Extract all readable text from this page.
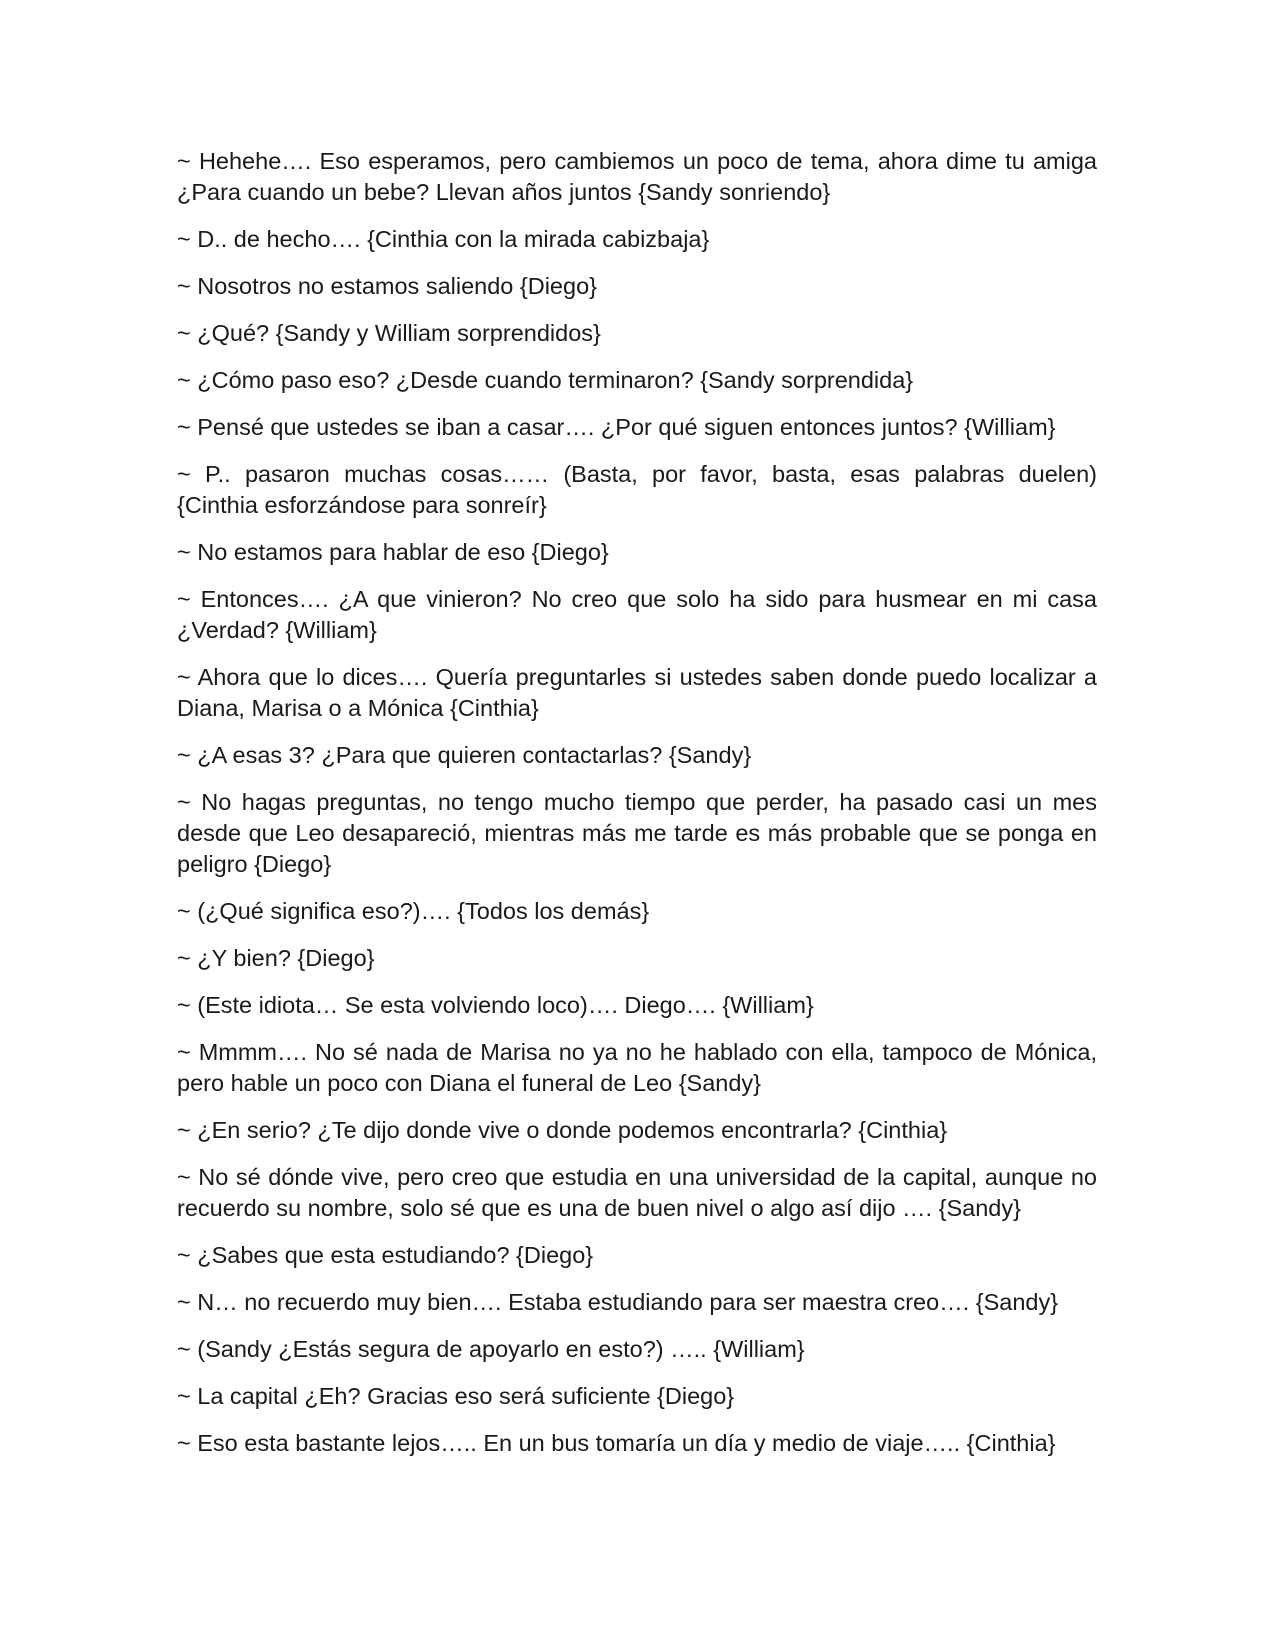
~ Hehehe…. Eso esperamos, pero cambiemos un poco de tema, ahora dime tu amiga ¿Para cuando un bebe? Llevan años juntos {Sandy sonriendo}

~ D.. de hecho…. {Cinthia con la mirada cabizbaja}

~ Nosotros no estamos saliendo {Diego}

~ ¿Qué? {Sandy y William sorprendidos}

~ ¿Cómo paso eso? ¿Desde cuando terminaron? {Sandy sorprendida}

~ Pensé que ustedes se iban a casar…. ¿Por qué siguen entonces juntos? {William}

~ P.. pasaron muchas cosas…… (Basta, por favor, basta, esas palabras duelen) {Cinthia esforzándose para sonreír}

~ No estamos para hablar de eso {Diego}

~ Entonces…. ¿A que vinieron? No creo que solo ha sido para husmear en mi casa ¿Verdad? {William}

~ Ahora que lo dices…. Quería preguntarles si ustedes saben donde puedo localizar a Diana, Marisa o a Mónica {Cinthia}

~ ¿A esas 3? ¿Para que quieren contactarlas? {Sandy}

~ No hagas preguntas, no tengo mucho tiempo que perder, ha pasado casi un mes desde que Leo desapareció, mientras más me tarde es más probable que se ponga en peligro {Diego}

~ (¿Qué significa eso?)…. {Todos los demás}

~ ¿Y bien? {Diego}

~ (Este idiota… Se esta volviendo loco)…. Diego…. {William}

~ Mmmm…. No sé nada de Marisa no ya no he hablado con ella, tampoco de Mónica, pero hable un poco con Diana el funeral de Leo {Sandy}

~ ¿En serio? ¿Te dijo donde vive o donde podemos encontrarla? {Cinthia}

~ No sé dónde vive, pero creo que estudia en una universidad de la capital, aunque no recuerdo su nombre, solo sé que es una de buen nivel o algo así dijo …. {Sandy}

~ ¿Sabes que esta estudiando? {Diego}

~ N… no recuerdo muy bien…. Estaba estudiando para ser maestra creo…. {Sandy}

~ (Sandy ¿Estás segura de apoyarlo en esto?) ….. {William}

~ La capital ¿Eh? Gracias eso será suficiente {Diego}

~ Eso esta bastante lejos….. En un bus tomaría un día y medio de viaje….. {Cinthia}
